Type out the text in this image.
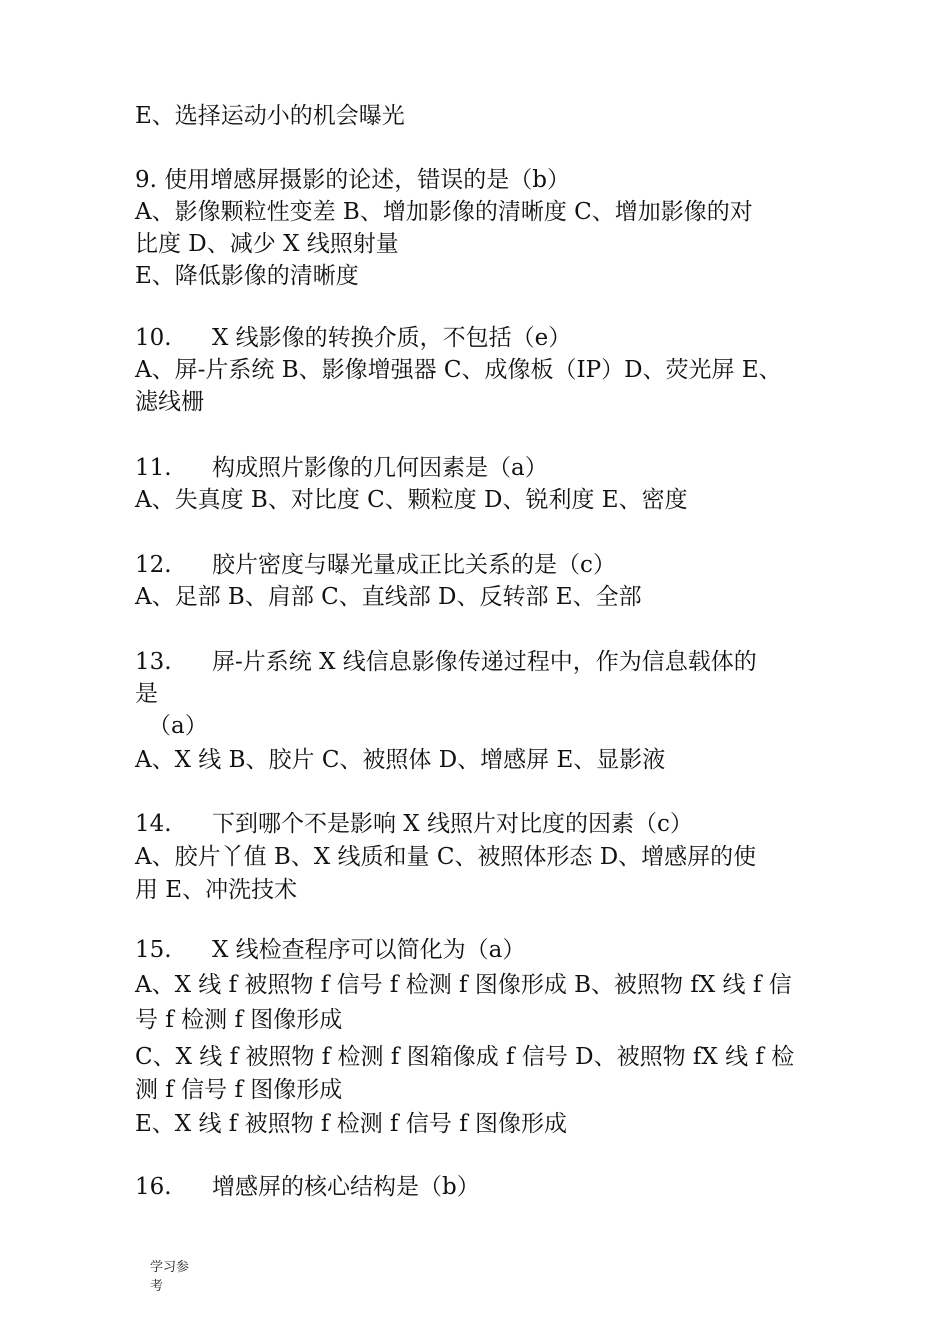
E、选择运动小的机会曝光
9. 使用增感屏摄影的论述，错误的是（b）
A、影像颗粒性变差 B、增加影像的清晰度 C、增加影像的对
比度 D、减少 X 线照射量
E、降低影像的清晰度
10. X 线影像的转换介质，不包括（e）
A、屏-片系统 B、影像增强器 C、成像板（IP）D、荧光屏 E、
滤线栅
11. 构成照片影像的几何因素是（a）
A、失真度 B、对比度 C、颗粒度 D、锐利度 E、密度
12. 胶片密度与曝光量成正比关系的是（c）
A、足部 B、肩部 C、直线部 D、反转部 E、全部
13. 屏-片系统 X 线信息影像传递过程中，作为信息载体的
是
（a）
A、X 线 B、胶片 C、被照体 D、增感屏 E、显影液
14. 下到哪个不是影响 X 线照片对比度的因素（c）
A、胶片丫值 B、X 线质和量 C、被照体形态 D、增感屏的使
用 E、冲洗技术
15. X 线检查程序可以简化为（a）
A、X 线 f 被照物 f 信号 f 检测 f 图像形成 B、被照物 fX 线 f 信
号 f 检测 f 图像形成
C、X 线 f 被照物 f 检测 f 图箱像成 f 信号 D、被照物 fX 线 f 检
测 f 信号 f 图像形成
E、X 线 f 被照物 f 检测 f 信号 f 图像形成
16. 增感屏的核心结构是（b）
学习参
考
